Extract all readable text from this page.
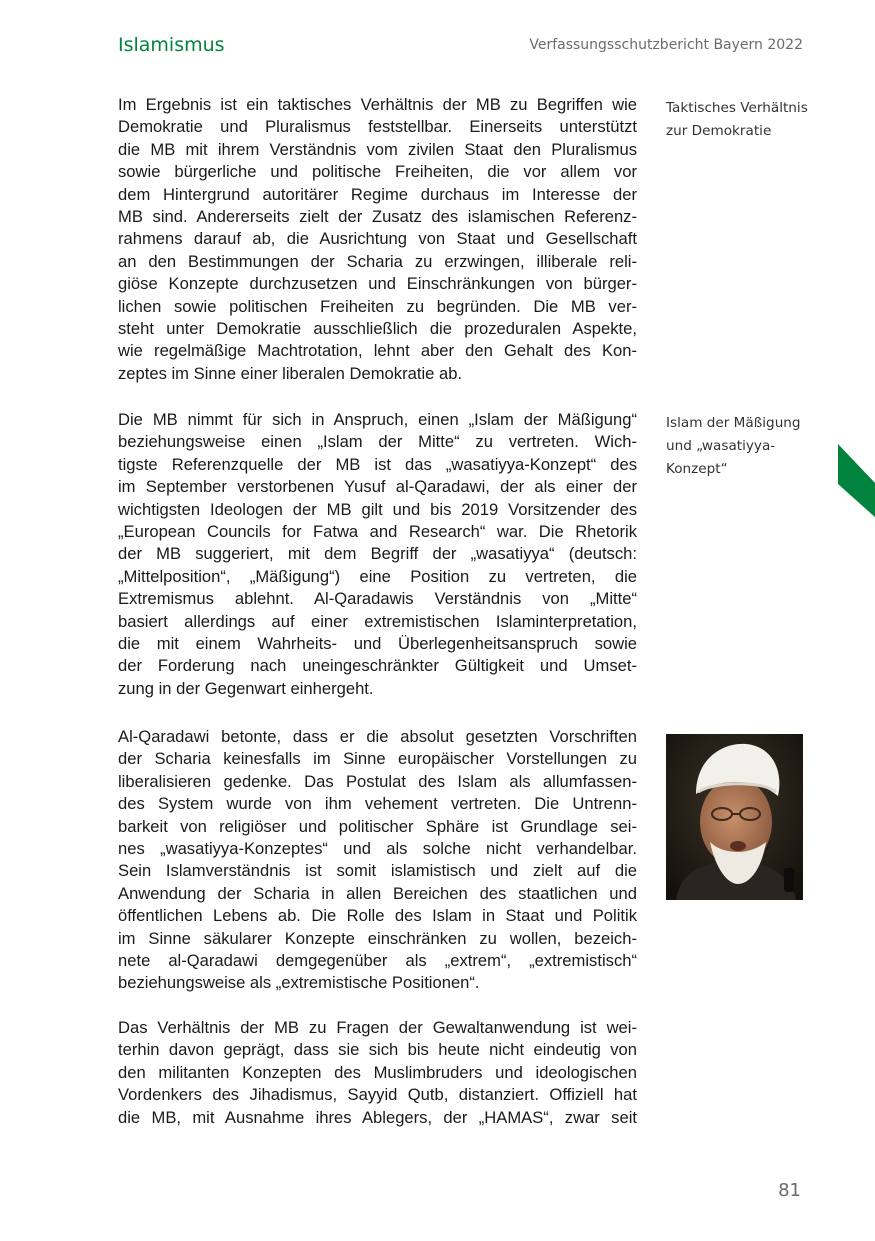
Islamismus	Verfassungsschutzbericht Bayern 2022

Im Ergebnis ist ein taktisches Verhältnis der MB zu Begriffen wie
Demokratie und Pluralismus feststellbar. Einerseits unterstützt
die MB mit ihrem Verständnis vom zivilen Staat den Pluralismus
sowie bürgerliche und politische Freiheiten, die vor allem vor
dem Hintergrund autoritärer Regime durchaus im Interesse der
MB sind. Andererseits zielt der Zusatz des islamischen Referenz-
rahmens darauf ab, die Ausrichtung von Staat und Gesellschaft
an den Bestimmungen der Scharia zu erzwingen, illiberale reli-
giöse Konzepte durchzusetzen und Einschränkungen von bürger-
lichen sowie politischen Freiheiten zu begründen. Die MB ver-
steht unter Demokratie ausschließlich die prozeduralen Aspekte,
wie regelmäßige Machtrotation, lehnt aber den Gehalt des Kon-
zeptes im Sinne einer liberalen Demokratie ab.

Die MB nimmt für sich in Anspruch, einen „Islam der Mäßigung“
beziehungsweise einen „Islam der Mitte“ zu vertreten. Wich-
tigste Referenzquelle der MB ist das „wasatiyya-Konzept“ des
im September verstorbenen Yusuf al-Qaradawi, der als einer der
wichtigsten Ideologen der MB gilt und bis 2019 Vorsitzender des
„European Councils for Fatwa and Research“ war. Die Rhetorik
der MB suggeriert, mit dem Begriff der „wasatiyya“ (deutsch:
„Mittelposition“, „Mäßigung“) eine Position zu vertreten, die
Extremismus ablehnt. Al-Qaradawis Verständnis von „Mitte“
basiert allerdings auf einer extremistischen Islaminterpretation,
die mit einem Wahrheits- und Überlegenheitsanspruch sowie
der Forderung nach uneingeschränkter Gültigkeit und Umset-
zung in der Gegenwart einhergeht.

Al-Qaradawi betonte, dass er die absolut gesetzten Vorschriften
der Scharia keinesfalls im Sinne europäischer Vorstellungen zu
liberalisieren gedenke. Das Postulat des Islam als allumfassen-
des System wurde von ihm vehement vertreten. Die Untrenn-
barkeit von religiöser und politischer Sphäre ist Grundlage sei-
nes „wasatiyya-Konzeptes“ und als solche nicht verhandelbar.
Sein Islamverständnis ist somit islamistisch und zielt auf die
Anwendung der Scharia in allen Bereichen des staatlichen und
öffentlichen Lebens ab. Die Rolle des Islam in Staat und Politik
im Sinne säkularer Konzepte einschränken zu wollen, bezeich-
nete al-Qaradawi demgegenüber als „extrem“, „extremistisch“
beziehungsweise als „extremistische Positionen“.

Das Verhältnis der MB zu Fragen der Gewaltanwendung ist wei-
terhin davon geprägt, dass sie sich bis heute nicht eindeutig von
den militanten Konzepten des Muslimbruders und ideologischen
Vordenkers des Jihadismus, Sayyid Qutb, distanziert. Offiziell hat
die MB, mit Ausnahme ihres Ablegers, der „HAMAS“, zwar seit

Taktisches Verhältnis
zur Demokratie
Islam der Mäßigung
und „wasatiyya-
Konzept“
81
